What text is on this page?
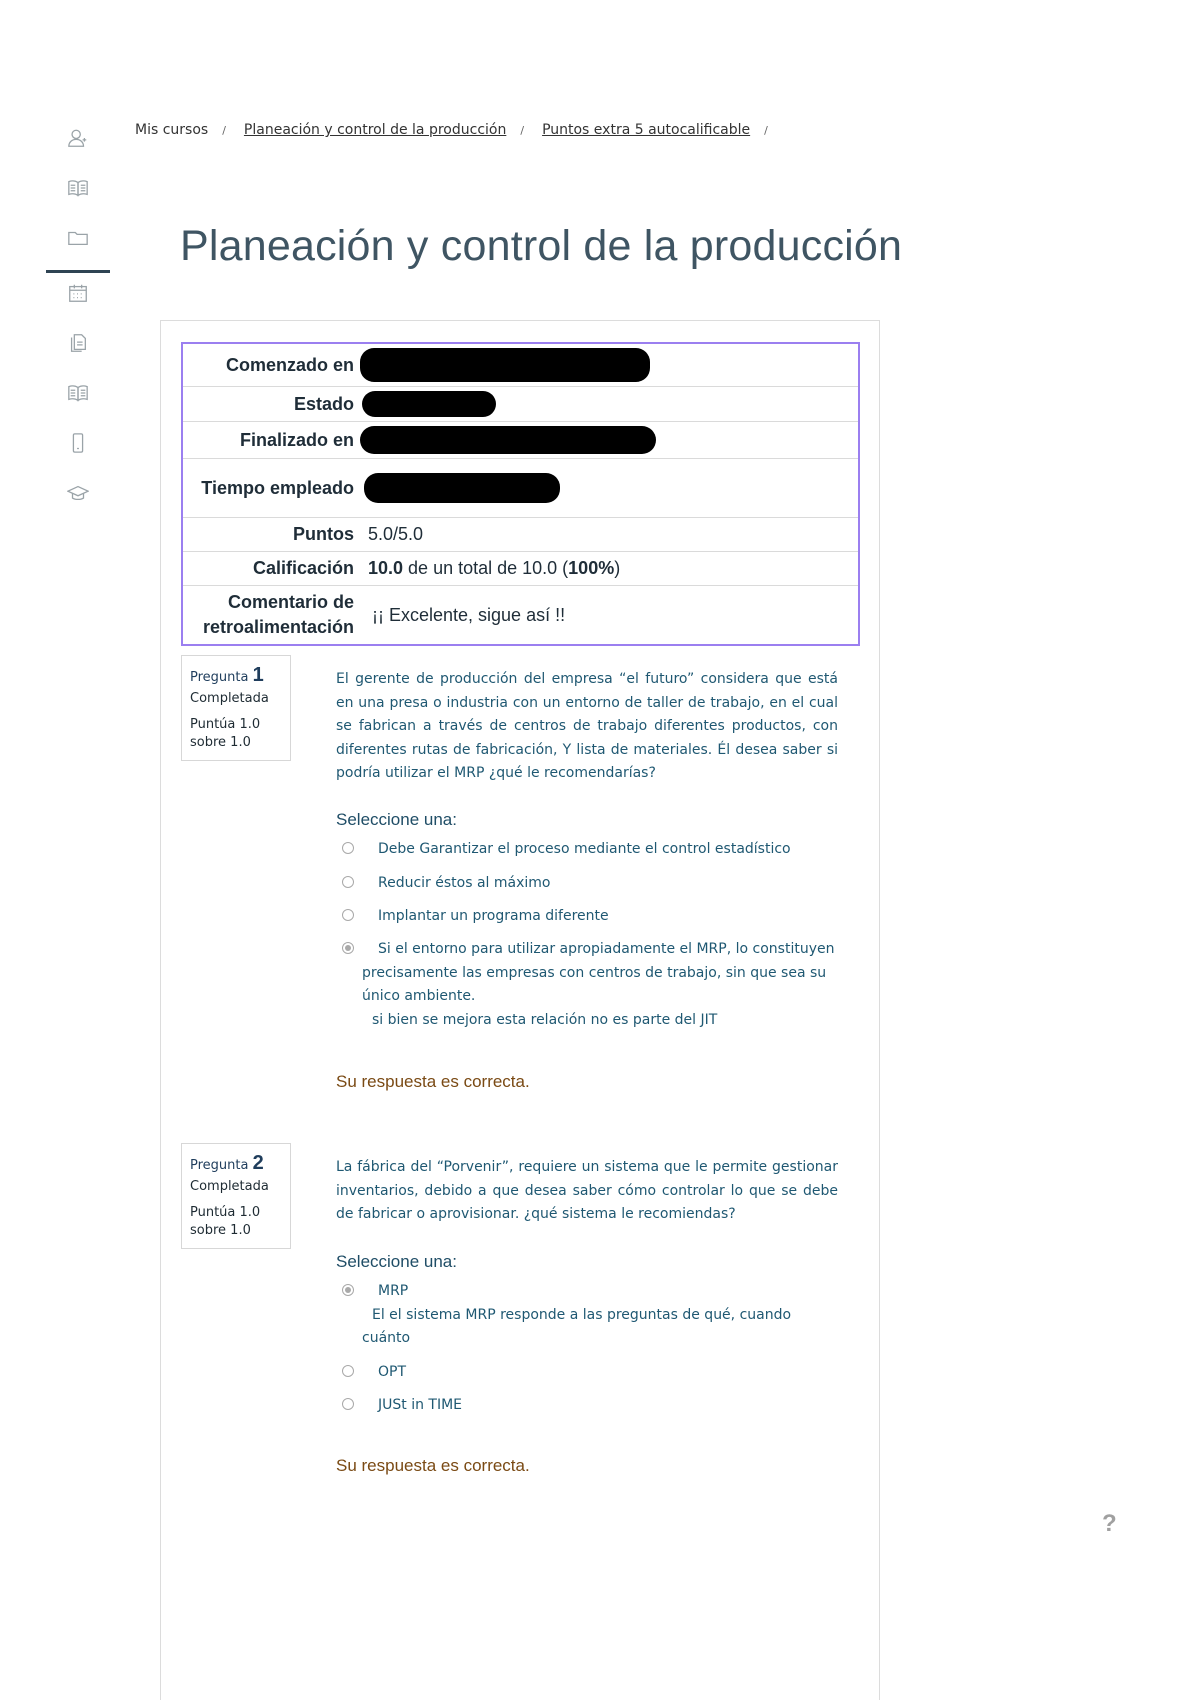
Mis cursos / Planeación y control de la producción / Puntos extra 5 autocalificable /
Planeación y control de la producción
Comenzado en	
Estado	
Finalizado en	
Tiempo empleado	
Puntos	5.0/5.0
Calificación	10.0 de un total de 10.0 (100%)
Comentario de retroalimentación	¡¡ Excelente, sigue así !!
Pregunta 1
Completada
Puntúa 1.0
sobre 1.0

El gerente de producción del empresa “el futuro” considera que está en una presa o industria con un entorno de taller de trabajo, en el cual se fabrican a través de centros de trabajo diferentes productos, con diferentes rutas de fabricación, Y lista de materiales. Él desea saber si podría utilizar el MRP ¿qué le recomendarías?

Seleccione una:
Debe Garantizar el proceso mediante el control estadístico
Reducir éstos al máximo
Implantar un programa diferente
Si el entorno para utilizar apropiadamente el MRP, lo constituyen
precisamente las empresas con centros de trabajo, sin que sea su único ambiente.
si bien se mejora esta relación no es parte del JIT
Su respuesta es correcta.
Pregunta 2
Completada
Puntúa 1.0
sobre 1.0

La fábrica del “Porvenir”, requiere un sistema que le permite gestionar inventarios, debido a que desea saber cómo controlar lo que se debe de fabricar o aprovisionar. ¿qué sistema le recomiendas?

Seleccione una:
MRP
El el sistema MRP responde a las preguntas de qué, cuando
cuánto
OPT
JUSt in TIME
Su respuesta es correcta.
?
